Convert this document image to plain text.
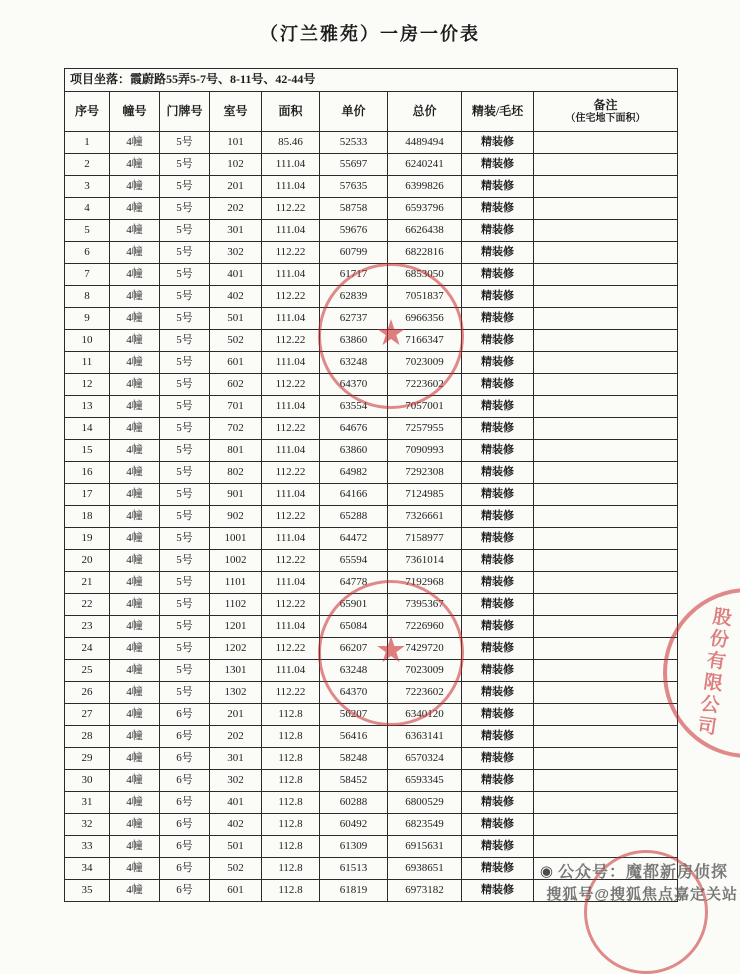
（汀兰雅苑）一房一价表
项目坐落：霞蔚路55弄5-7号、8-11号、42-44号								
序号	幢号	门牌号	室号	面积	单价	总价	精装/毛坯	备注
（住宅地下面积）

1	4幢	5号	101	85.46	52533	4489494	精装修	
2	4幢	5号	102	111.04	55697	6240241	精装修	
3	4幢	5号	201	111.04	57635	6399826	精装修	
4	4幢	5号	202	112.22	58758	6593796	精装修	
5	4幢	5号	301	111.04	59676	6626438	精装修	
6	4幢	5号	302	112.22	60799	6822816	精装修	
7	4幢	5号	401	111.04	61717	6853050	精装修	
8	4幢	5号	402	112.22	62839	7051837	精装修	
9	4幢	5号	501	111.04	62737	6966356	精装修	
10	4幢	5号	502	112.22	63860	7166347	精装修	
11	4幢	5号	601	111.04	63248	7023009	精装修	
12	4幢	5号	602	112.22	64370	7223602	精装修	
13	4幢	5号	701	111.04	63554	7057001	精装修	
14	4幢	5号	702	112.22	64676	7257955	精装修	
15	4幢	5号	801	111.04	63860	7090993	精装修	
16	4幢	5号	802	112.22	64982	7292308	精装修	
17	4幢	5号	901	111.04	64166	7124985	精装修	
18	4幢	5号	902	112.22	65288	7326661	精装修	
19	4幢	5号	1001	111.04	64472	7158977	精装修	
20	4幢	5号	1002	112.22	65594	7361014	精装修	
21	4幢	5号	1101	111.04	64778	7192968	精装修	
22	4幢	5号	1102	112.22	65901	7395367	精装修	
23	4幢	5号	1201	111.04	65084	7226960	精装修	
24	4幢	5号	1202	112.22	66207	7429720	精装修	
25	4幢	5号	1301	111.04	63248	7023009	精装修	
26	4幢	5号	1302	112.22	64370	7223602	精装修	
27	4幢	6号	201	112.8	56207	6340120	精装修	
28	4幢	6号	202	112.8	56416	6363141	精装修	
29	4幢	6号	301	112.8	58248	6570324	精装修	
30	4幢	6号	302	112.8	58452	6593345	精装修	
31	4幢	6号	401	112.8	60288	6800529	精装修	
32	4幢	6号	402	112.8	60492	6823549	精装修	
33	4幢	6号	501	112.8	61309	6915631	精装修	
34	4幢	6号	502	112.8	61513	6938651	精装修	
35	4幢	6号	601	112.8	61819	6973182	精装修	
★
★	股份有限公司
◉ 公众号：魔都新房侦探
搜狐号@搜狐焦点嘉定关站
